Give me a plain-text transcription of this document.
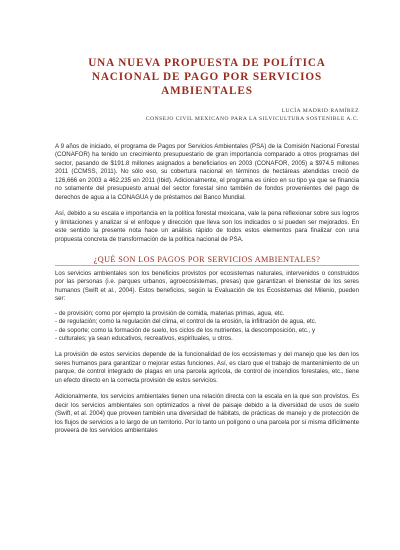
UNA NUEVA PROPUESTA DE POLÍTICA NACIONAL DE PAGO POR SERVICIOS AMBIENTALES
LUCÍA MADRID RAMÍREZ
CONSEJO CIVIL MEXICANO PARA LA SILVICULTURA SOSTENIBLE A.C.

A 9 años de iniciado, el programa de Pagos por Servicios Ambientales (PSA) de la Comisión Nacional Forestal (CONAFOR) ha tenido un crecimiento presupuestario de gran importancia comparado a otros programas del sector, pasando de $191.8 millones asignados a beneficiarios en 2003 (CONAFOR, 2005) a $974.5 millones 2011 (CCMSS, 2011). No sólo eso, su cobertura nacional en términos de hectáreas atendidas creció de 126,666 en 2003 a 462,235 en 2011 (Ibid). Adicionalmente, el programa es único en su tipo ya que se financia no solamente del presupuesto anual del sector forestal sino también de fondos provenientes del pago de derechos de agua a la CONAGUA y de préstamos del Banco Mundial.

Así, debido a su escala e importancia en la política forestal mexicana, vale la pena reflexionar sobre sus logros y limitaciones y analizar si el enfoque y dirección que lleva son los indicados o si pueden ser mejorados. En este sentido la presente nota hace un análisis rápido de todos estos elementos para finalizar con una propuesta concreta de transformación de la política nacional de PSA.

¿QUÉ SON LOS PAGOS POR SERVICIOS AMBIENTALES?

Los servicios ambientales son los beneficios provistos por ecosistemas naturales, intervenidos o construidos por las personas (i.e. parques urbanos, agroecosistemas, presas) que garantizan el bienestar de los seres humanos (Swift et al., 2004). Estos beneficios, según la Evaluación de los Ecosistemas del Milenio, pueden ser:

- de provisión; como por ejemplo la provisión de comida, materias primas, agua, etc.
- de regulación; como la regulación del clima, el control de la erosión, la infiltración de agua, etc.
- de soporte; como la formación de suelo, los ciclos de los nutrientes, la descomposición, etc., y
- culturales; ya sean educativos, recreativos, espirituales, u otros.

La provisión de estos servicios depende de la funcionalidad de los ecosistemas y del manejo que les den los seres humanos para garantizar o mejorar estas funciones. Así, es claro que el trabajo de mantenimiento de un parque, de control integrado de plagas en una parcela agrícola, de control de incendios forestales, etc., tiene un efecto directo en la correcta provisión de estos servicios.

Adicionalmente, los servicios ambientales tienen una relación directa con la escala en la que son provistos. Es decir los servicios ambientales son optimizados a nivel de paisaje debido a la diversidad de usos de suelo (Swift, et al. 2004) que proveen también una diversidad de hábitats, de prácticas de manejo y de protección de los flujos de servicios a lo largo de un territorio. Por lo tanto un polígono o una parcela por sí misma difícilmente proveerá de los servicios ambientales
